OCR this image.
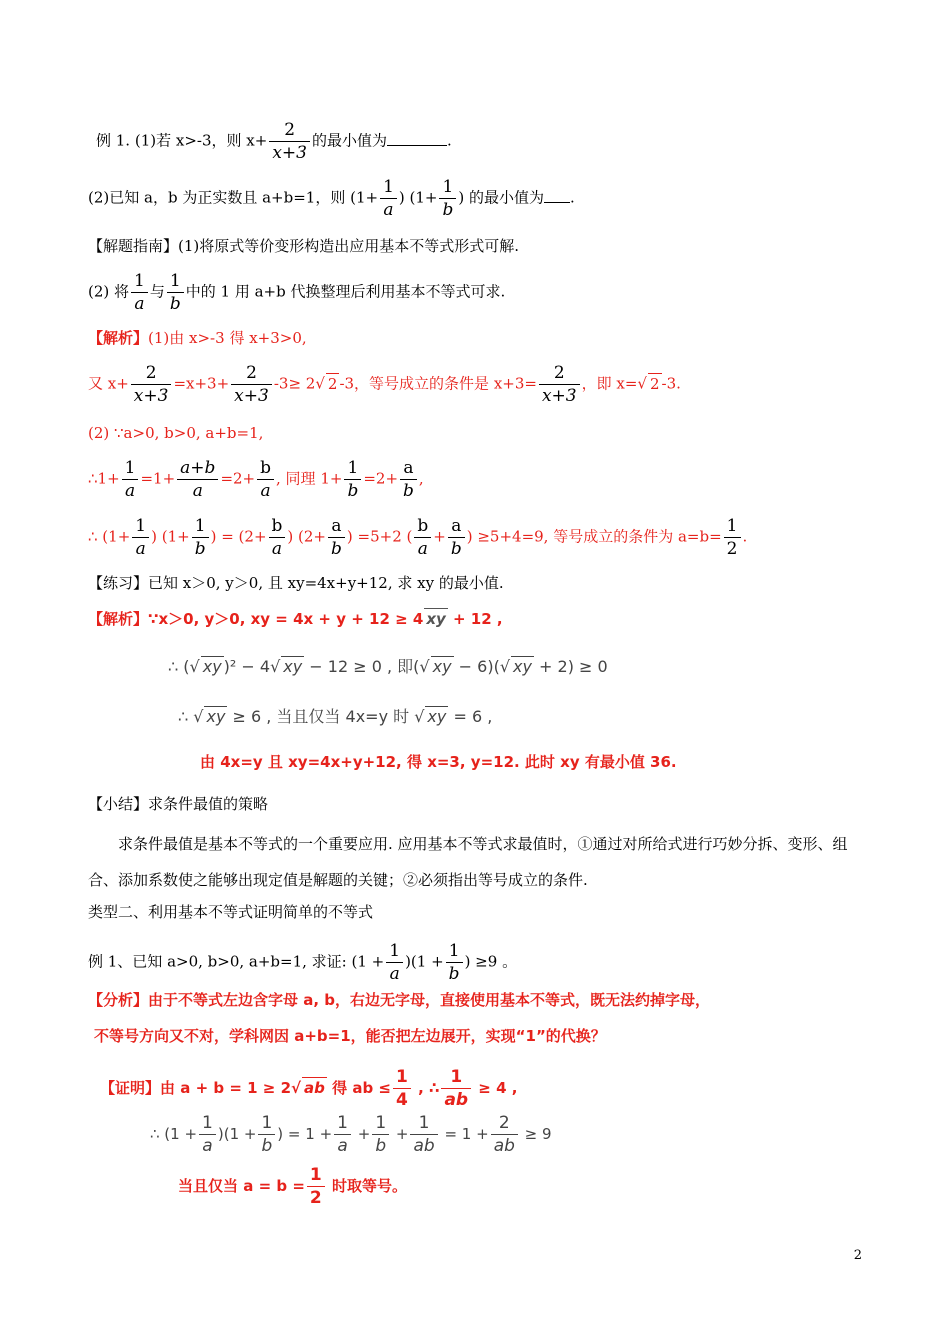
例 1. (1)若 x>-3，则 $x+ \frac{2}{x+3}$ 的最小值为	.
(2)已知 a，b 为正实数且 a+b=1，则 ($1+ \frac{1}{a}$ ) ($1+ \frac{1}{b}$ ) 的最小值为 .
【解题指南】(1)将原式等价变形构造出应用基本不等式形式可解.
(2) 将 $\frac{1}{a}$ 与 $\frac{1}{b}$ 中的 1 用 a+b 代换整理后利用基本不等式可求.
【解析】(1)由 x>-3 得 x+3>0,
又 $x+ \frac{2}{x+3} =x+3+ \frac{2}{x+3} -3\ge 2√$ 2 -3，等号成立的条件是 $x+3= \frac{2}{x+3}$ ，即 x=√ 2 -3.
(2) ∵a>0, b>0, a+b=1,
∴1+ $\frac{1}{a} =1+ \frac{a+b}{a} =2+ \frac{b}{a}$ , 同理 $1+ \frac{1}{b} =2+ \frac{a}{b}$ ,
∴ ($1+ \frac{1}{a}$ ) ($1+ \frac{1}{b}$ ) = ($2+ \frac{b}{a}$ ) ($2+ \frac{a}{b}$ ) =5+2 ( $\frac{b}{a} + \frac{a}{b}$ ) ≥5+4=9, 等号成立的条件为 $a=b= \frac{1}{2}$ .
【练习】已知 x＞0, y＞0, 且 xy=4x+y+12, 求 xy 的最小值.
【解析】∵x＞0, y＞0, xy = 4x + y + 12 ≥ 4 xy + 12 ,
∴ (√ xy )² − 4√ xy − 12 ≥ 0 , 即(√ xy − 6)(√ xy + 2) ≥ 0
∴ √ xy ≥ 6 , 当且仅当 4x=y 时 √ xy = 6 ,
由 4x=y 且 xy=4x+y+12, 得 x=3, y=12. 此时 xy 有最小值 36.
【小结】求条件最值的策略
求条件最值是基本不等式的一个重要应用. 应用基本不等式求最值时，①通过对所给式进行巧妙分拆、变形、组合、添加系数使之能够出现定值是解题的关键；②必须指出等号成立的条件.
类型二、利用基本不等式证明简单的不等式
例 1、已知 a>0, b>0, a+b=1, 求证: $(1 + \frac{1}{a} )(1 + \frac{1}{b}$ ) ≥9 。
【分析】由于不等式左边含字母 a, b，右边无字母，直接使用基本不等式，既无法约掉字母，
不等号方向又不对，学科网因 a+b=1，能否把左边展开，实现“1”的代换？
【证明】由 a + b = 1 ≥ 2√ ab 得 ab ≤ $\frac{1}{4}$ , ∴ $\frac{1}{ab} \ge 4$ ,
∴ $(1 + \frac{1}{a} )(1 + \frac{1}{b}$ ) = $1 + \frac{1}{a} + \frac{1}{b} + \frac{1}{ab} = 1 + \frac{2}{ab} \ge 9$
当且仅当 $a = b = \frac{1}{2}$ 时取等号。
2
